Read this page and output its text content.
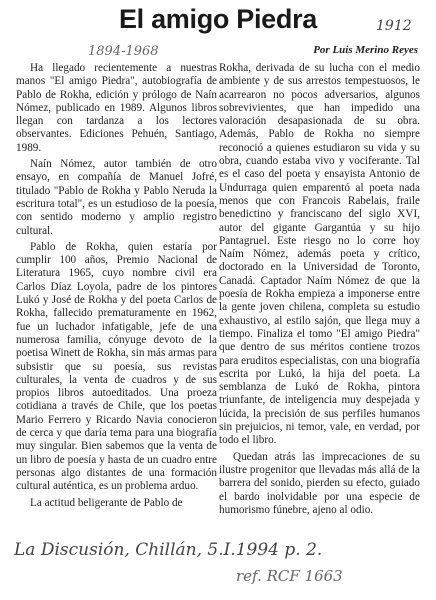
El amigo Piedra	1912
1894-1968	Por Luis Merino Reyes

Ha llegado recientemente a nuestras manos "El amigo Piedra", autobiografía de Pablo de Rokha, edición y prólogo de Naín Nómez, publicado en 1989. Algunos libros llegan con tardanza a los lectores observantes. Ediciones Pehuén, Santiago, 1989.

Naín Nómez, autor también de otro ensayo, en compañía de Manuel Jofré, titulado "Pablo de Rokha y Pablo Neruda la escritura total", es un estudioso de la poesía, con sentido moderno y amplio registro cultural.

Pablo de Rokha, quien estaría por cumplir 100 años, Premio Nacional de Literatura 1965, cuyo nombre civil era Carlos Díaz Loyola, padre de los pintores Lukó y José de Rokha y del poeta Carlos de Rokha, fallecido prematuramente en 1962, fue un luchador infatigable, jefe de una numerosa familia, cónyuge devoto de la poetisa Winett de Rokha, sin más armas para subsistir que su poesía, sus revistas culturales, la venta de cuadros y de sus propios libros autoeditados. Una proeza cotidiana a través de Chile, que los poetas Mario Ferrero y Ricardo Navia conocieron de cerca y que daría tema para una biografía muy singular. Bien sabemos que la venta de un libro de poesía y hasta de un cuadro entre personas algo distantes de una formación cultural auténtica, es un problema arduo.

La actitud beligerante de Pablo de

Rokha, derivada de su lucha con el medio ambiente y de sus arrestos tempestuosos, le acarrearon no pocos adversarios, algunos sobrevivientes, que han impedido una valoración desapasionada de su obra. Además, Pablo de Rokha no siempre reconoció a quienes estudiaron su vida y su obra, cuando estaba vivo y vociferante. Tal es el caso del poeta y ensayista Antonio de Undurraga quien emparentó al poeta nada menos que con Francois Rabelais, fraile benedictino y franciscano del siglo XVI, autor del gigante Gargantúa y su hijo Pantagruel. Este riesgo no lo corre hoy Naím Nómez, además poeta y crítico, doctorado en la Universidad de Toronto, Canadá. Captador Naím Nómez de que la poesía de Rokha empieza a imponerse entre la gente joven chilena, completa su estudio exhaustivo, al estilo sajón, que llega muy a tiempo. Finaliza el tomo "El amigo Piedra" que dentro de sus méritos contiene trozos para eruditos especialistas, con una biografía escrita por Lukó, la hija del poeta. La semblanza de Lukó de Rokha, pintora triunfante, de inteligencia muy despejada y lúcida, la precisión de sus perfiles humanos sin prejuicios, ni temor, vale, en verdad, por todo el libro.

Quedan atrás las imprecaciones de su ilustre progenitor que llevadas más allá de la barrera del sonido, pierden su efecto, guiado el bardo inolvidable por una especie de humorismo fúnebre, ajeno al odio.

La Discusión, Chillán, 5.I.1994 p. 2.
ref. RCF 1663
